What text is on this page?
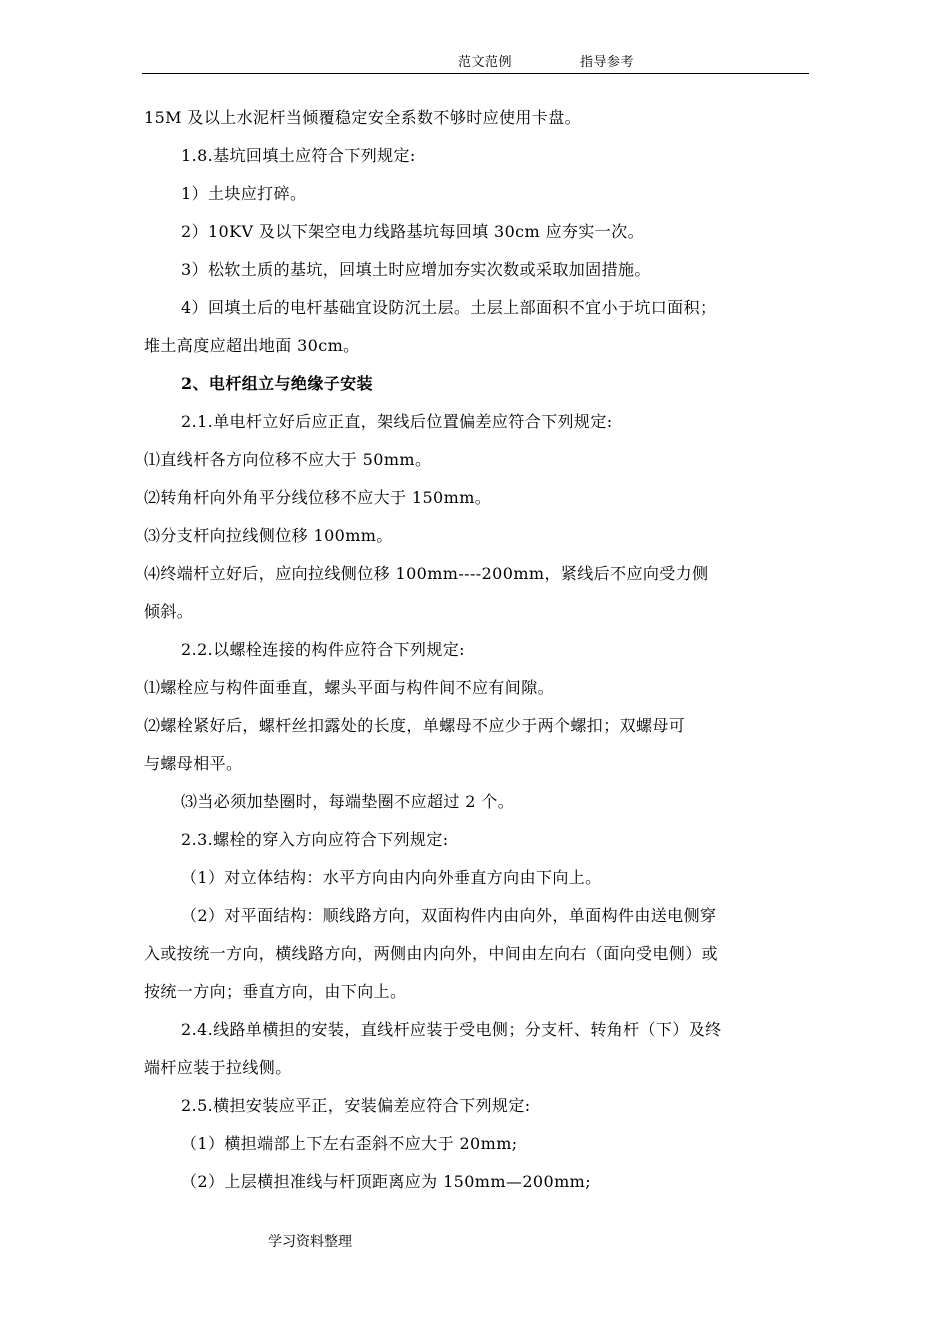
范文范例	指导参考
15M 及以上水泥杆当倾覆稳定安全系数不够时应使用卡盘。
1.8.基坑回填土应符合下列规定:
1）土块应打碎。
2）10KV 及以下架空电力线路基坑每回填 30cm 应夯实一次。
3）松软土质的基坑，回填土时应增加夯实次数或采取加固措施。
4）回填土后的电杆基础宜设防沉土层。土层上部面积不宜小于坑口面积；
堆土高度应超出地面 30cm。
2、电杆组立与绝缘子安装
2.1.单电杆立好后应正直，架线后位置偏差应符合下列规定:
⑴直线杆各方向位移不应大于 50mm。
⑵转角杆向外角平分线位移不应大于 150mm。
⑶分支杆向拉线侧位移 100mm。
⑷终端杆立好后，应向拉线侧位移 100mm----200mm，紧线后不应向受力侧
倾斜。
2.2.以螺栓连接的构件应符合下列规定:
⑴螺栓应与构件面垂直，螺头平面与构件间不应有间隙。
⑵螺栓紧好后，螺杆丝扣露处的长度，单螺母不应少于两个螺扣；双螺母可
与螺母相平。
⑶当必须加垫圈时，每端垫圈不应超过 2 个。
2.3.螺栓的穿入方向应符合下列规定:
（1）对立体结构：水平方向由内向外垂直方向由下向上。
（2）对平面结构：顺线路方向，双面构件内由向外，单面构件由送电侧穿
入或按统一方向，横线路方向，两侧由内向外，中间由左向右（面向受电侧）或
按统一方向；垂直方向，由下向上。
2.4.线路单横担的安装，直线杆应装于受电侧；分支杆、转角杆（下）及终
端杆应装于拉线侧。
2.5.横担安装应平正，安装偏差应符合下列规定:
（1）横担端部上下左右歪斜不应大于 20mm;
（2）上层横担准线与杆顶距离应为 150mm—200mm;
学习资料整理
